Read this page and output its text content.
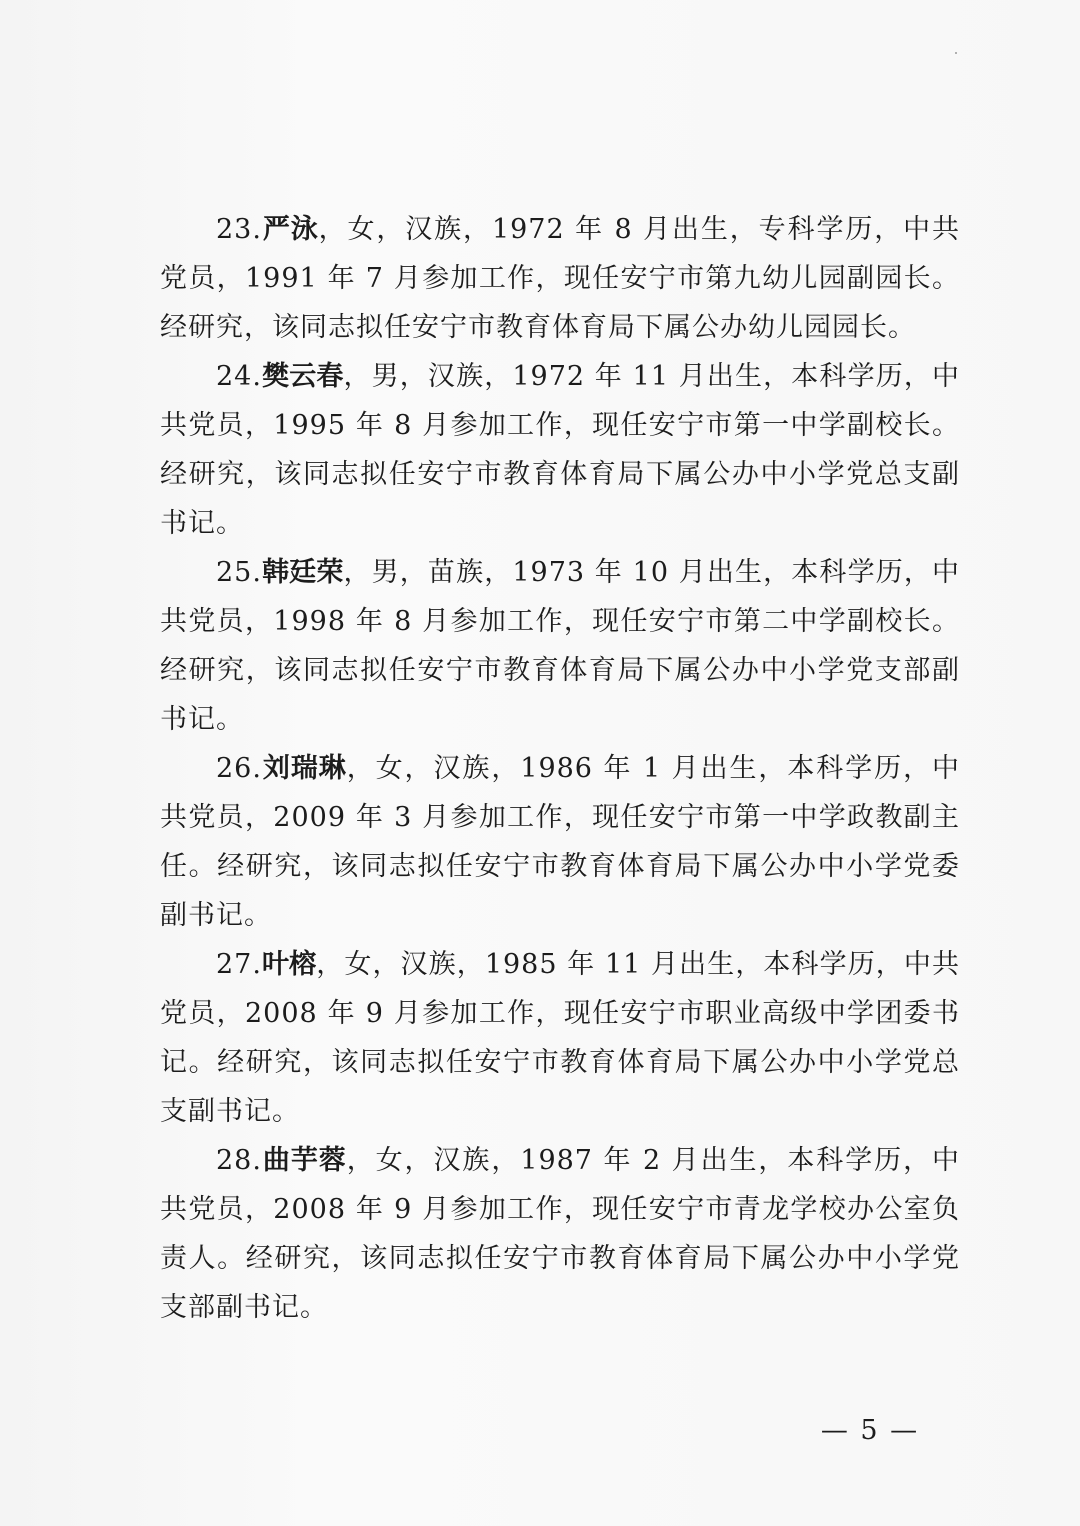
23.严泳，女，汉族，1972 年 8 月出生，专科学历，中共党员，1991 年 7 月参加工作，现任安宁市第九幼儿园副园长。经研究，该同志拟任安宁市教育体育局下属公办幼儿园园长。

24.樊云春，男，汉族，1972 年 11 月出生，本科学历，中共党员，1995 年 8 月参加工作，现任安宁市第一中学副校长。经研究，该同志拟任安宁市教育体育局下属公办中小学党总支副书记。

25.韩廷荣，男，苗族，1973 年 10 月出生，本科学历，中共党员，1998 年 8 月参加工作，现任安宁市第二中学副校长。经研究，该同志拟任安宁市教育体育局下属公办中小学党支部副书记。

26.刘瑞琳，女，汉族，1986 年 1 月出生，本科学历，中共党员，2009 年 3 月参加工作，现任安宁市第一中学政教副主任。经研究，该同志拟任安宁市教育体育局下属公办中小学党委副书记。

27.叶榕，女，汉族，1985 年 11 月出生，本科学历，中共党员，2008 年 9 月参加工作，现任安宁市职业高级中学团委书记。经研究，该同志拟任安宁市教育体育局下属公办中小学党总支副书记。

28.曲芋蓉，女，汉族，1987 年 2 月出生，本科学历，中共党员，2008 年 9 月参加工作，现任安宁市青龙学校办公室负责人。经研究，该同志拟任安宁市教育体育局下属公办中小学党支部副书记。

— 5 —
